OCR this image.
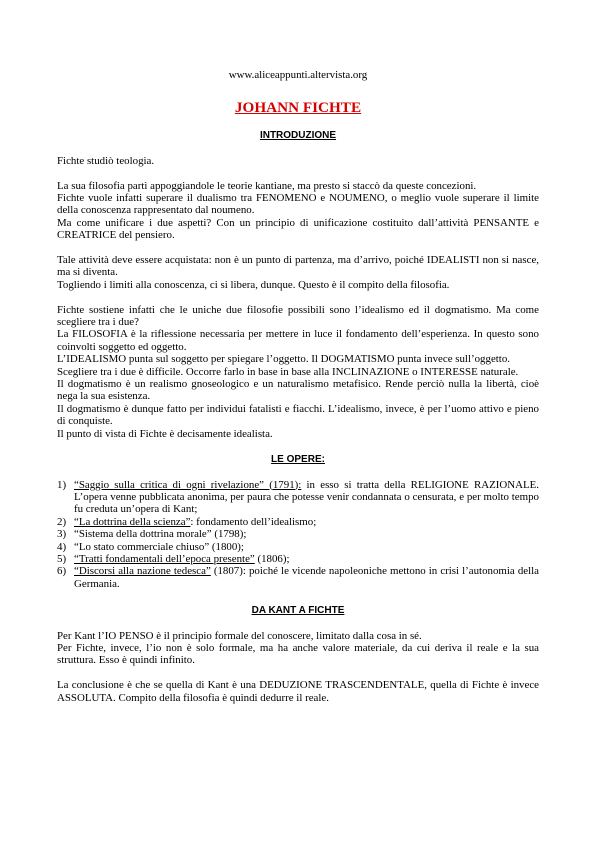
www.aliceappunti.altervista.org
JOHANN FICHTE
INTRODUZIONE

Fichte studiò teologia.

La sua filosofia partì appoggiandole le teorie kantiane, ma presto si staccò da queste concezioni.

Fichte vuole infatti superare il dualismo tra FENOMENO e NOUMENO, o meglio vuole superare il limite della conoscenza rappresentato dal noumeno.

Ma come unificare i due aspetti? Con un principio di unificazione costituito dall’attività PENSANTE e CREATRICE del pensiero.

Tale attività deve essere acquistata: non è un punto di partenza, ma d’arrivo, poiché IDEALISTI non si nasce, ma si diventa.

Togliendo i limiti alla conoscenza, ci si libera, dunque. Questo è il compito della filosofia.

Fichte sostiene infatti che le uniche due filosofie possibili sono l’idealismo ed il dogmatismo. Ma come scegliere tra i due?

La FILOSOFIA è la riflessione necessaria per mettere in luce il fondamento dell’esperienza. In questo sono coinvolti soggetto ed oggetto.

L’IDEALISMO punta sul soggetto per spiegare l’oggetto. Il DOGMATISMO punta invece sull’oggetto.

Scegliere tra i due è difficile. Occorre farlo in base in base alla INCLINAZIONE o INTERESSE naturale.

Il dogmatismo è un realismo gnoseologico e un naturalismo metafisico. Rende perciò nulla la libertà, cioè nega la sua esistenza.

Il dogmatismo è dunque fatto per individui fatalisti e fiacchi. L’idealismo, invece, è per l’uomo attivo e pieno di conquiste.

Il punto di vista di Fichte è decisamente idealista.

LE OPERE:
1) “Saggio sulla critica di ogni rivelazione” (1791): in esso si tratta della RELIGIONE RAZIONALE. L’opera venne pubblicata anonima, per paura che potesse venir condannata o censurata, e per molto tempo fu creduta un’opera di Kant;
2) “La dottrina della scienza”: fondamento dell’idealismo;
3) “Sistema della dottrina morale” (1798);
4) “Lo stato commerciale chiuso” (1800);
5) “Tratti fondamentali dell’epoca presente” (1806);
6) “Discorsi alla nazione tedesca” (1807): poiché le vicende napoleoniche mettono in crisi l’autonomia della Germania.
DA KANT A FICHTE

Per Kant l’IO PENSO è il principio formale del conoscere, limitato dalla cosa in sé.

Per Fichte, invece, l’io non è solo formale, ma ha anche valore materiale, da cui deriva il reale e la sua struttura. Esso è quindi infinito.

La conclusione è che se quella di Kant è una DEDUZIONE TRASCENDENTALE, quella di Fichte è invece ASSOLUTA. Compito della filosofia è quindi dedurre il reale.
